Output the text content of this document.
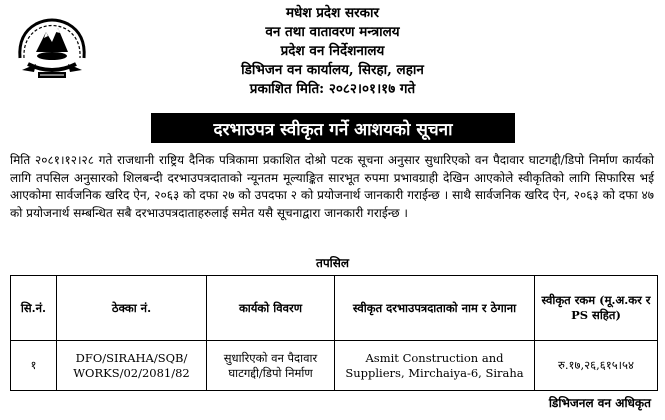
मधेश प्रदेश सरकार
वन तथा वातावरण मन्त्रालय
प्रदेश वन निर्देशनालय
डिभिजन वन कार्यालय, सिरहा, लहान
प्रकाशित मिति: २०८२।०१।१७ गते
दरभाउपत्र स्वीकृत गर्ने आशयको सूचना

मिति २०८१।१२।२८ गते राजधानी राष्ट्रिय दैनिक पत्रिकामा प्रकाशित दोश्रो पटक सूचना अनुसार सुधारिएको वन पैदावार घाटगद्दी/डिपो निर्माण कार्यको लागि तपसिल अनुसारको शिलबन्दी दरभाउपत्रदाताको न्यूनतम मूल्याङ्कित सारभूत रुपमा प्रभावग्राही देखिन आएकोले स्वीकृतिको लागि सिफारिस भई आएकोमा सार्वजनिक खरिद ऐन, २०६३ को दफा २७ को उपदफा २ को प्रयोजनार्थ जानकारी गराईन्छ । साथै सार्वजनिक खरिद ऐन, २०६३ को दफा ४७ को प्रयोजनार्थ सम्बन्धित सबै दरभाउपत्रदाताहरुलाई समेत यसै सूचनाद्वारा जानकारी गराईन्छ ।

तपसिल
सि.नं.	ठेक्का नं.	कार्यको विवरण	स्वीकृत दरभाउपत्रदाताको नाम र ठेगाना	स्वीकृत रकम (मू.अ.कर र PS सहित)
१	DFO/SIRAHA/SQB/ WORKS/02/2081/82	सुधारिएको वन पैदावार घाटगद्दी/डिपो निर्माण	Asmit Construction and Suppliers, Mirchaiya-6, Siraha	रु.१७,२६,६१५।५४
डिभिजनल वन अधिकृत
